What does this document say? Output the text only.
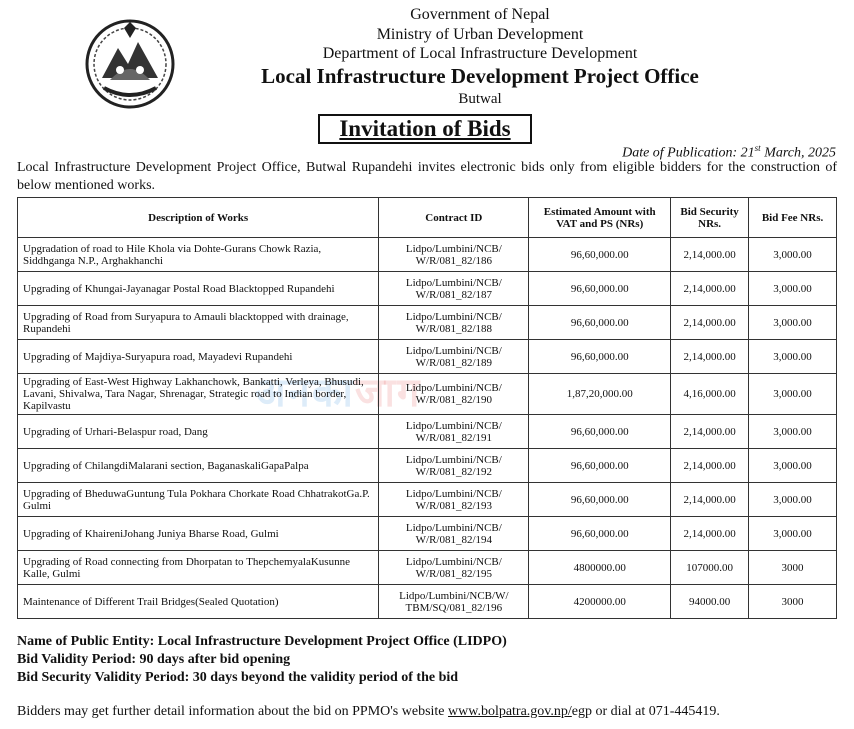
Government of Nepal
Ministry of Urban Development
Department of Local Infrastructure Development
Local Infrastructure Development Project Office
Butwal
Invitation of Bids
Date of Publication: 21st March, 2025
Local Infrastructure Development Project Office, Butwal Rupandehi invites electronic bids only from eligible bidders for the construction of below mentioned works.
अनकाजाग
Description of Works	Contract ID	Estimated Amount with VAT and PS (NRs)	Bid Security NRs.	Bid Fee NRs.
Upgradation of road to Hile Khola via Dohte-Gurans Chowk Razia, Siddhganga N.P., Arghakhanchi	Lidpo/Lumbini/NCB/ W/R/081_82/186	96,60,000.00	2,14,000.00	3,000.00
Upgrading of Khungai-Jayanagar Postal Road Blacktopped Rupandehi	Lidpo/Lumbini/NCB/ W/R/081_82/187	96,60,000.00	2,14,000.00	3,000.00
Upgrading of Road from Suryapura to Amauli blacktopped with drainage, Rupandehi	Lidpo/Lumbini/NCB/ W/R/081_82/188	96,60,000.00	2,14,000.00	3,000.00
Upgrading of Majdiya-Suryapura road, Mayadevi Rupandehi	Lidpo/Lumbini/NCB/ W/R/081_82/189	96,60,000.00	2,14,000.00	3,000.00
Upgrading of East-West Highway Lakhanchowk, Bankatti, Verleya, Bhusudi, Lavani, Shivalwa, Tara Nagar, Shrenagar, Strategic road to Indian border, Kapilvastu	Lidpo/Lumbini/NCB/ W/R/081_82/190	1,87,20,000.00	4,16,000.00	3,000.00
Upgrading of Urhari-Belaspur road, Dang	Lidpo/Lumbini/NCB/ W/R/081_82/191	96,60,000.00	2,14,000.00	3,000.00
Upgrading of ChilangdiMalarani section, BaganaskaliGapaPalpa	Lidpo/Lumbini/NCB/ W/R/081_82/192	96,60,000.00	2,14,000.00	3,000.00
Upgrading of BheduwaGuntung Tula Pokhara Chorkate Road ChhatrakotGa.P. Gulmi	Lidpo/Lumbini/NCB/ W/R/081_82/193	96,60,000.00	2,14,000.00	3,000.00
Upgrading of KhaireniJohang Juniya Bharse Road, Gulmi	Lidpo/Lumbini/NCB/ W/R/081_82/194	96,60,000.00	2,14,000.00	3,000.00
Upgrading of Road connecting from Dhorpatan to ThepchemyalaKusunne Kalle, Gulmi	Lidpo/Lumbini/NCB/ W/R/081_82/195	4800000.00	107000.00	3000
Maintenance of Different Trail Bridges(Sealed Quotation)	Lidpo/Lumbini/NCB/W/ TBM/SQ/081_82/196	4200000.00	94000.00	3000
Name of Public Entity: Local Infrastructure Development Project Office (LIDPO)
Bid Validity Period: 90 days after bid opening
Bid Security Validity Period: 30 days beyond the validity period of the bid
Bidders may get further detail information about the bid on PPMO's website www.bolpatra.gov.np/egp or dial at 071-445419.
